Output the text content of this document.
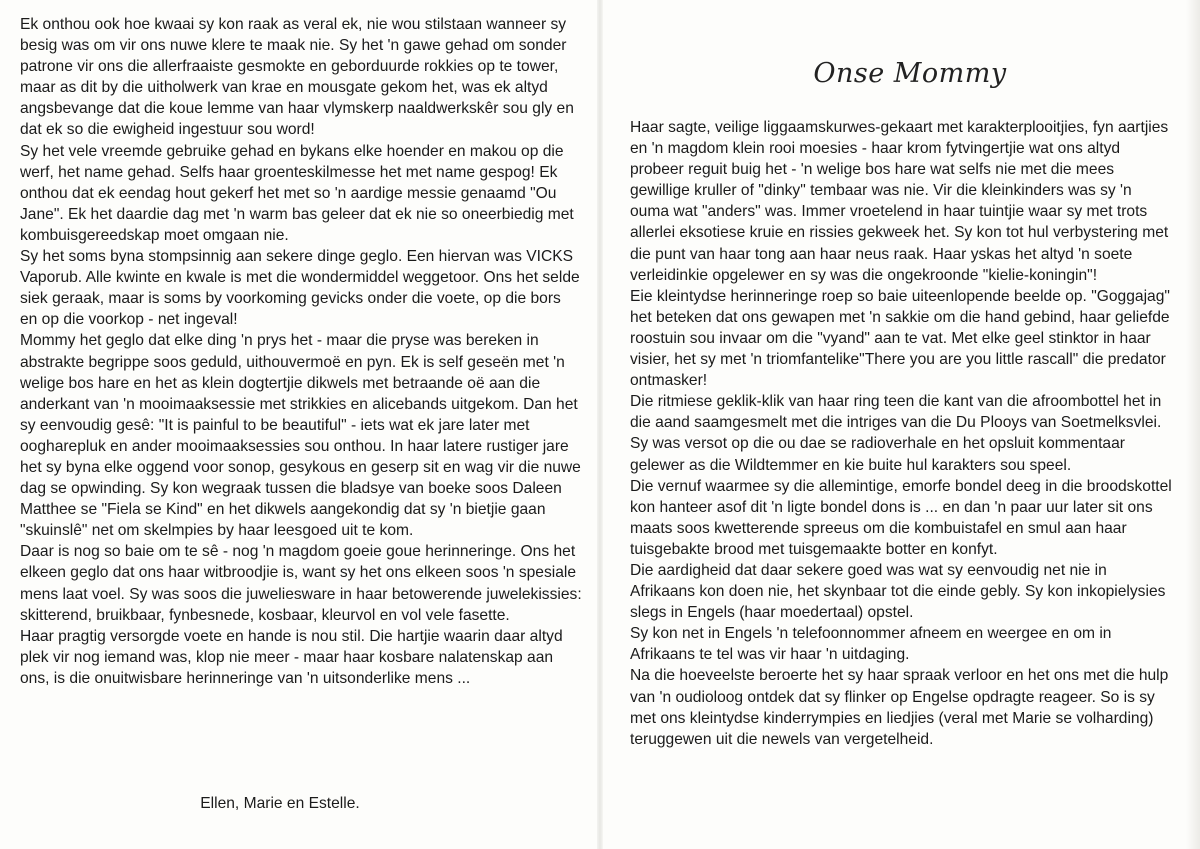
Ek onthou ook hoe kwaai sy kon raak as veral ek, nie wou stilstaan wanneer sy besig was om vir ons nuwe klere te maak nie. Sy het 'n gawe gehad om sonder patrone vir ons die allerfraaiste gesmokte en geborduurde rokkies op te tower, maar as dit by die uitholwerk van krae en mousgate gekom het, was ek altyd angsbevange dat die koue lemme van haar vlymskerp naaldwerkskêr sou gly en dat ek so die ewigheid ingestuur sou word!

Sy het vele vreemde gebruike gehad en bykans elke hoender en makou op die werf, het name gehad. Selfs haar groenteskilmesse het met name gespog! Ek onthou dat ek eendag hout gekerf het met so 'n aardige messie genaamd "Ou Jane". Ek het daardie dag met 'n warm bas geleer dat ek nie so oneerbiedig met kombuisgereedskap moet omgaan nie.

Sy het soms byna stompsinnig aan sekere dinge geglo. Een hiervan was VICKS Vaporub. Alle kwinte en kwale is met die wondermiddel weggetoor. Ons het selde siek geraak, maar is soms by voorkoming gevicks onder die voete, op die bors en op die voorkop - net ingeval!

Mommy het geglo dat elke ding 'n prys het - maar die pryse was bereken in abstrakte begrippe soos geduld, uithouvermoë en pyn. Ek is self geseën met 'n welige bos hare en het as klein dogtertjie dikwels met betraande oë aan die anderkant van 'n mooimaaksessie met strikkies en alicebands uitgekom. Dan het sy eenvoudig gesê: "It is painful to be beautiful" - iets wat ek jare later met oogharepluk en ander mooimaaksessies sou onthou. In haar latere rustiger jare het sy byna elke oggend voor sonop, gesykous en geserp sit en wag vir die nuwe dag se opwinding. Sy kon wegraak tussen die bladsye van boeke soos Daleen Matthee se "Fiela se Kind" en het dikwels aangekondig dat sy 'n bietjie gaan "skuinslê" net om skelmpies by haar leesgoed uit te kom.

Daar is nog so baie om te sê - nog 'n magdom goeie goue herinneringe. Ons het elkeen geglo dat ons haar witbroodjie is, want sy het ons elkeen soos 'n spesiale mens laat voel. Sy was soos die juweliesware in haar betowerende juwelekissies: skitterend, bruikbaar, fynbesnede, kosbaar, kleurvol en vol vele fasette.

Haar pragtig versorgde voete en hande is nou stil. Die hartjie waarin daar altyd plek vir nog iemand was, klop nie meer - maar haar kosbare nalatenskap aan ons, is die onuitwisbare herinneringe van 'n uitsonderlike mens ...

Ellen, Marie en Estelle.
Onse Mommy

Haar sagte, veilige liggaamskurwes-gekaart met karakterplooitjies, fyn aartjies en 'n magdom klein rooi moesies - haar krom fytvingertjie wat ons altyd probeer reguit buig het - 'n welige bos hare wat selfs nie met die mees gewillige kruller of "dinky" tembaar was nie. Vir die kleinkinders was sy 'n ouma wat "anders" was. Immer vroetelend in haar tuintjie waar sy met trots allerlei eksotiese kruie en rissies gekweek het. Sy kon tot hul verbystering met die punt van haar tong aan haar neus raak. Haar yskas het altyd 'n soete verleidinkie opgelewer en sy was die ongekroonde "kielie-koningin"!

Eie kleintydse herinneringe roep so baie uiteenlopende beelde op. "Goggajag" het beteken dat ons gewapen met 'n sakkie om die hand gebind, haar geliefde roostuin sou invaar om die "vyand" aan te vat. Met elke geel stinktor in haar visier, het sy met 'n triomfantelike"There you are you little rascall" die predator ontmasker!

Die ritmiese geklik-klik van haar ring teen die kant van die afroombottel het in die aand saamgesmelt met die intriges van die Du Plooys van Soetmelksvlei. Sy was versot op die ou dae se radioverhale en het opsluit kommentaar gelewer as die Wildtemmer en kie buite hul karakters sou speel.

Die vernuf waarmee sy die allemintige, emorfe bondel deeg in die broodskottel kon hanteer asof dit 'n ligte bondel dons is ... en dan 'n paar uur later sit ons maats soos kwetterende spreeus om die kombuistafel en smul aan haar tuisgebakte brood met tuisgemaakte botter en konfyt.

Die aardigheid dat daar sekere goed was wat sy eenvoudig net nie in Afrikaans kon doen nie, het skynbaar tot die einde gebly. Sy kon inkopielysies slegs in Engels (haar moedertaal) opstel.

Sy kon net in Engels 'n telefoonnommer afneem en weergee en om in Afrikaans te tel was vir haar 'n uitdaging.

Na die hoeveelste beroerte het sy haar spraak verloor en het ons met die hulp van 'n oudioloog ontdek dat sy flinker op Engelse opdragte reageer. So is sy met ons kleintydse kinderrympies en liedjies (veral met Marie se volharding) teruggewen uit die newels van vergetelheid.
